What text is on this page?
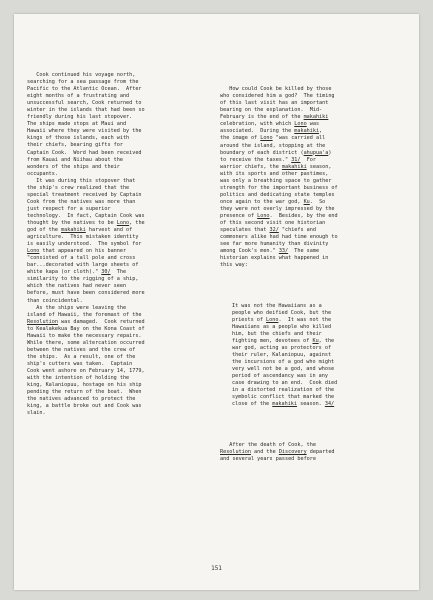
Cook continued his voyage north,
searching for a sea passage from the
Pacific to the Atlantic Ocean.  After
eight months of a frustrating and
unsuccessful search, Cook returned to
winter in the islands that had been so
friendly during his last stopover.
The ships made stops at Maui and
Hawaii where they were visited by the
kings of those islands, each with
their chiefs, bearing gifts for
Captain Cook.  Word had been received
from Kauai and Niihau about the
wonders of the ships and their
occupants.
It was during this stopover that
the ship's crew realized that the
special treatment received by Captain
Cook from the natives was more than
just respect for a superior
technology.  In fact, Captain Cook was
thought by the natives to be Lono, the
god of the makahiki harvest and of
agriculture.  This mistaken identity
is easily understood.  The symbol for
Lono that appeared on his banner
"consisted of a tall pole and cross
bar...decorated with large sheets of
white kapa (or cloth)." 30/  The
similarity to the rigging of a ship,
which the natives had never seen
before, must have been considered more
than coincidental.
As the ships were leaving the
island of Hawaii, the foremast of the
Resolution was damaged.  Cook returned
to Kealakekua Bay on the Kona Coast of
Hawaii to make the necessary repairs.
While there, some altercation occurred
between the natives and the crew of
the ships.  As a result, one of the
ship's cutters was taken.  Captain
Cook went ashore on February 14, 1779,
with the intention of holding the
king, Kalaniopuu, hostage on his ship
pending the return of the boat.  When
the natives advanced to protect the
king, a battle broke out and Cook was
slain.

How could Cook be killed by those
who considered him a god?  The timing
of this last visit has an important
bearing on the explanation.  Mid-
February is the end of the makahiki
celebration, with which Lono was
associated.  During the makahiki,
the image of Lono "was carried all
around the island, stopping at the
boundary of each district (ahupua'a)
to receive the taxes." 31/  For
warrior chiefs, the makahiki season,
with its sports and other pastimes,
was only a breathing space to gather
strength for the important business of
politics and dedicating state temples
once again to the war god, Ku.  So
they were not overly impressed by the
presence of Lono.  Besides, by the end
of this second visit one historian
speculates that 32/ "chiefs and
commoners alike had had time enough to
see far more humanity than divinity
among Cook's men." 33/  The same
historian explains what happened in
this way:

It was not the Hawaiians as a
people who deified Cook, but the
priests of Lono.  It was not the
Hawaiians as a people who killed
him, but the chiefs and their
fighting men, devotees of Ku, the
war god, acting as protectors of
their ruler, Kalaniopuu, against
the incursions of a god who might
very well not be a god, and whose
period of ascendancy was in any
case drawing to an end.  Cook died
in a distorted realization of the
symbolic conflict that marked the
close of the makahiki season. 34/

After the death of Cook, the
Resolution and the Discovery departed
and several years passed before

151
